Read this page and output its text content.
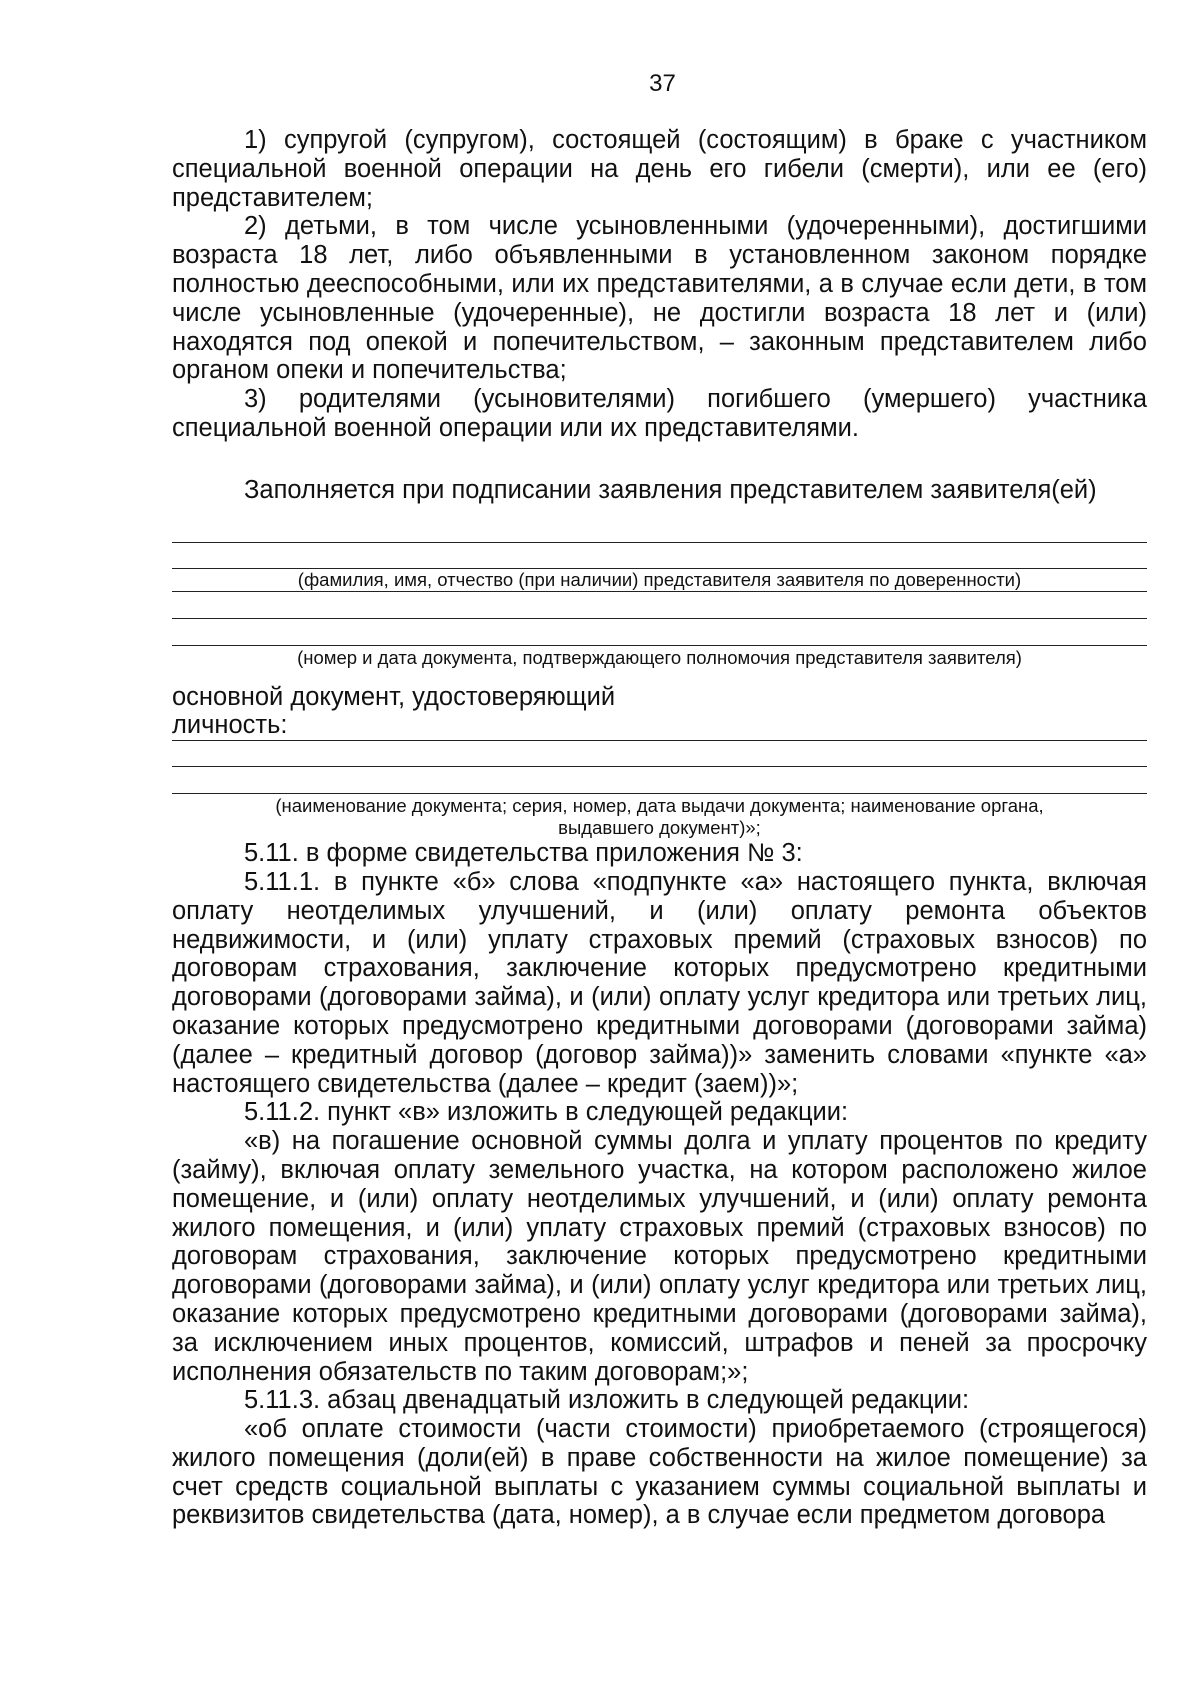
37

1) супругой (супругом), состоящей (состоящим) в браке с участником специальной военной операции на день его гибели (смерти), или ее (его) представителем;

2) детьми, в том числе усыновленными (удочеренными), достигшими возраста 18 лет, либо объявленными в установленном законом порядке полностью дееспособными, или их представителями, а в случае если дети, в том числе усыновленные (удочеренные), не достигли возраста 18 лет и (или) находятся под опекой и попечительством, – законным представителем либо органом опеки и попечительства;

3) родителями (усыновителями) погибшего (умершего) участника специальной военной операции или их представителями.

Заполняется при подписании заявления представителем заявителя(ей)

(фамилия, имя, отчество (при наличии) представителя заявителя по доверенности)
(номер и дата документа, подтверждающего полномочия представителя заявителя)
основной документ, удостоверяющий
личность:
(наименование документа; серия, номер, дата выдачи документа; наименование органа,
выдавшего документ)»;

5.11. в форме свидетельства приложения № 3:

5.11.1. в пункте «б» слова «подпункте «а» настоящего пункта, включая оплату неотделимых улучшений, и (или) оплату ремонта объектов недвижимости, и (или) уплату страховых премий (страховых взносов) по договорам страхования, заключение которых предусмотрено кредитными договорами (договорами займа), и (или) оплату услуг кредитора или третьих лиц, оказание которых предусмотрено кредитными договорами (договорами займа) (далее – кредитный договор (договор займа))» заменить словами «пункте «а» настоящего свидетельства (далее – кредит (заем))»;

5.11.2. пункт «в» изложить в следующей редакции:

«в) на погашение основной суммы долга и уплату процентов по кредиту (займу), включая оплату земельного участка, на котором расположено жилое помещение, и (или) оплату неотделимых улучшений, и (или) оплату ремонта жилого помещения, и (или) уплату страховых премий (страховых взносов) по договорам страхования, заключение которых предусмотрено кредитными договорами (договорами займа), и (или) оплату услуг кредитора или третьих лиц, оказание которых предусмотрено кредитными договорами (договорами займа), за исключением иных процентов, комиссий, штрафов и пеней за просрочку исполнения обязательств по таким договорам;»;

5.11.3. абзац двенадцатый изложить в следующей редакции:

«об оплате стоимости (части стоимости) приобретаемого (строящегося) жилого помещения (доли(ей) в праве собственности на жилое помещение) за счет средств социальной выплаты с указанием суммы социальной выплаты и реквизитов свидетельства (дата, номер), а в случае если предметом договора
